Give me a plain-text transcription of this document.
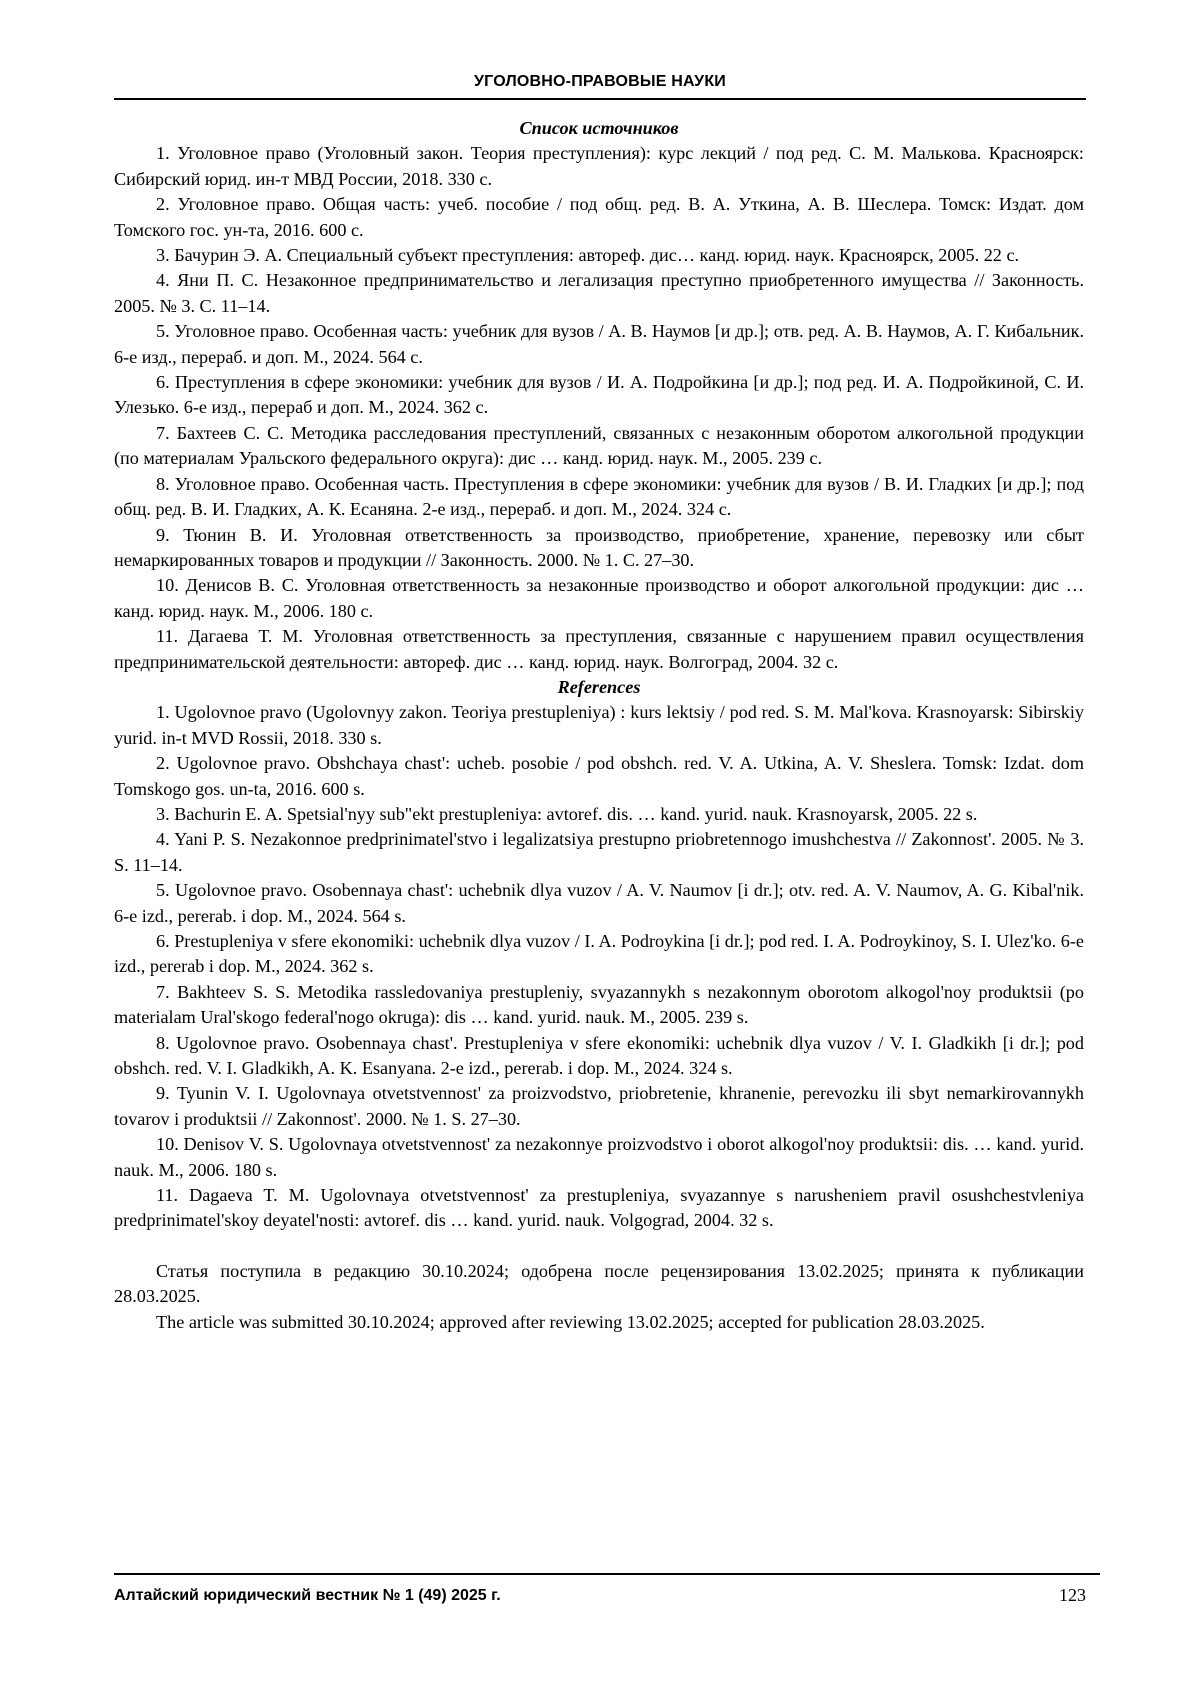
УГОЛОВНО-ПРАВОВЫЕ НАУКИ

Список источников

1. Уголовное право (Уголовный закон. Теория преступления): курс лекций / под ред. С. М. Малькова. Красноярск: Сибирский юрид. ин-т МВД России, 2018. 330 с.

2. Уголовное право. Общая часть: учеб. пособие / под общ. ред. В. А. Уткина, А. В. Шеслера. Томск: Издат. дом Томского гос. ун-та, 2016. 600 с.

3. Бачурин Э. А. Специальный субъект преступления: автореф. дис… канд. юрид. наук. Красноярск, 2005. 22 с.

4. Яни П. С. Незаконное предпринимательство и легализация преступно приобретенного имущества // Законность. 2005. № 3. С. 11–14.

5. Уголовное право. Особенная часть: учебник для вузов / А. В. Наумов [и др.]; отв. ред. А. В. Наумов, А. Г. Кибальник. 6-е изд., перераб. и доп. М., 2024. 564 с.

6. Преступления в сфере экономики: учебник для вузов / И. А. Подройкина [и др.]; под ред. И. А. Подройкиной, С. И. Улезько. 6-е изд., перераб и доп. М., 2024. 362 с.

7. Бахтеев С. С. Методика расследования преступлений, связанных с незаконным оборотом алкогольной продукции (по материалам Уральского федерального округа): дис … канд. юрид. наук. М., 2005. 239 с.

8. Уголовное право. Особенная часть. Преступления в сфере экономики: учебник для вузов / В. И. Гладких [и др.]; под общ. ред. В. И. Гладких, А. К. Есаняна. 2-е изд., перераб. и доп. М., 2024. 324 с.

9. Тюнин В. И. Уголовная ответственность за производство, приобретение, хранение, перевозку или сбыт немаркированных товаров и продукции // Законность. 2000. № 1. С. 27–30.

10. Денисов В. С. Уголовная ответственность за незаконные производство и оборот алкогольной продукции: дис … канд. юрид. наук. М., 2006. 180 с.

11. Дагаева Т. М. Уголовная ответственность за преступления, связанные с нарушением правил осуществления предпринимательской деятельности: автореф. дис … канд. юрид. наук. Волгоград, 2004. 32 с.

References

1. Ugolovnoe pravo (Ugolovnyy zakon. Teoriya prestupleniya) : kurs lektsiy / pod red. S. M. Mal'kova. Krasnoyarsk: Sibirskiy yurid. in-t MVD Rossii, 2018. 330 s.

2. Ugolovnoe pravo. Obshchaya chast': ucheb. posobie / pod obshch. red. V. A. Utkina, A. V. Sheslera. Tomsk: Izdat. dom Tomskogo gos. un-ta, 2016. 600 s.

3. Bachurin E. A. Spetsial'nyy sub"ekt prestupleniya: avtoref. dis. … kand. yurid. nauk. Krasnoyarsk, 2005. 22 s.

4. Yani P. S. Nezakonnoe predprinimatel'stvo i legalizatsiya prestupno priobretennogo imushchestva // Zakonnost'. 2005. № 3. S. 11–14.

5. Ugolovnoe pravo. Osobennaya chast': uchebnik dlya vuzov / A. V. Naumov [i dr.]; otv. red. A. V. Naumov, A. G. Kibal'nik. 6-e izd., pererab. i dop. M., 2024. 564 s.

6. Prestupleniya v sfere ekonomiki: uchebnik dlya vuzov / I. A. Podroykina [i dr.]; pod red. I. A. Podroykinoy, S. I. Ulez'ko. 6-e izd., pererab i dop. M., 2024. 362 s.

7. Bakhteev S. S. Metodika rassledovaniya prestupleniy, svyazannykh s nezakonnym oborotom alkogol'noy produktsii (po materialam Ural'skogo federal'nogo okruga): dis … kand. yurid. nauk. M., 2005. 239 s.

8. Ugolovnoe pravo. Osobennaya chast'. Prestupleniya v sfere ekonomiki: uchebnik dlya vuzov / V. I. Gladkikh [i dr.]; pod obshch. red. V. I. Gladkikh, A. K. Esanyana. 2-e izd., pererab. i dop. M., 2024. 324 s.

9. Tyunin V. I. Ugolovnaya otvetstvennost' za proizvodstvo, priobretenie, khranenie, perevozku ili sbyt nemarkirovannykh tovarov i produktsii // Zakonnost'. 2000. № 1. S. 27–30.

10. Denisov V. S. Ugolovnaya otvetstvennost' za nezakonnye proizvodstvo i oborot alkogol'noy produktsii: dis. … kand. yurid. nauk. M., 2006. 180 s.

11. Dagaeva T. M. Ugolovnaya otvetstvennost' za prestupleniya, svyazannye s narusheniem pravil osushchestvleniya predprinimatel'skoy deyatel'nosti: avtoref. dis … kand. yurid. nauk. Volgograd, 2004. 32 s.

Статья поступила в редакцию 30.10.2024; одобрена после рецензирования 13.02.2025; принята к публикации 28.03.2025.

The article was submitted 30.10.2024; approved after reviewing 13.02.2025; accepted for publication 28.03.2025.

Алтайский юридический вестник № 1 (49) 2025 г.	123
